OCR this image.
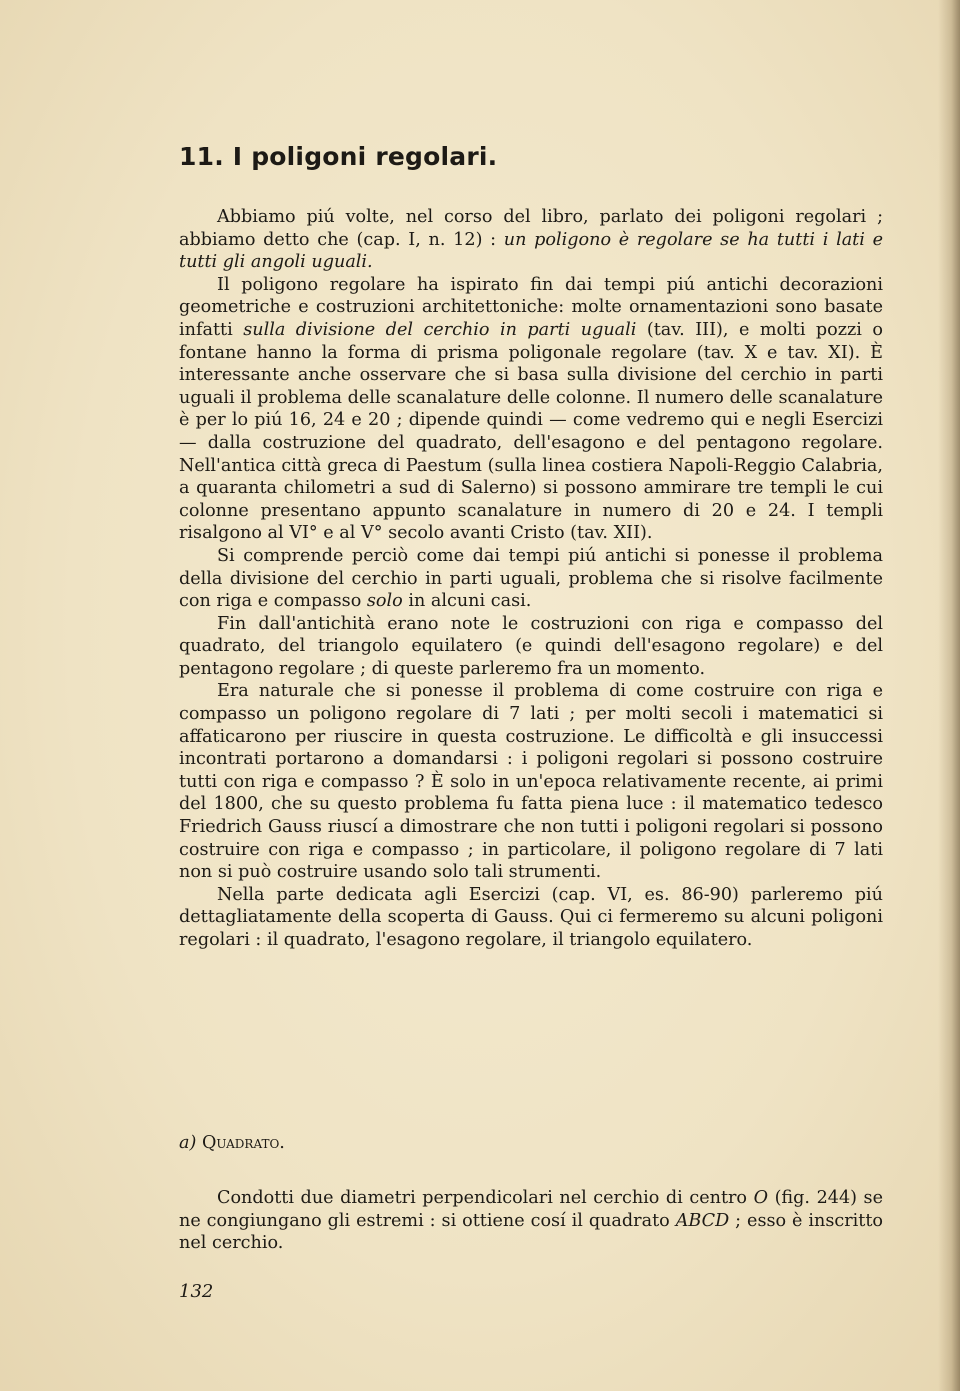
11. I poligoni regolari.

Abbiamo piú volte, nel corso del libro, parlato dei poligoni regolari ; abbiamo detto che (cap. I, n. 12) : un poligono è regolare se ha tutti i lati e tutti gli angoli uguali.

Il poligono regolare ha ispirato fin dai tempi piú antichi decorazioni geometriche e costruzioni architettoniche: molte ornamentazioni sono basate infatti sulla divisione del cerchio in parti uguali (tav. III), e molti pozzi o fontane hanno la forma di prisma poligonale regolare (tav. X e tav. XI). È interessante anche osservare che si basa sulla divisione del cerchio in parti uguali il problema delle scanalature delle colonne. Il numero delle scanalature è per lo piú 16, 24 e 20 ; dipende quindi — come vedremo qui e negli Esercizi — dalla costruzione del quadrato, dell'esagono e del pentagono regolare. Nell'antica città greca di Paestum (sulla linea costiera Napoli-Reggio Calabria, a quaranta chilometri a sud di Salerno) si possono ammirare tre templi le cui colonne presentano appunto scanalature in numero di 20 e 24. I templi risalgono al VI° e al V° secolo avanti Cristo (tav. XII).

Si comprende perciò come dai tempi piú antichi si ponesse il problema della divisione del cerchio in parti uguali, problema che si risolve facilmente con riga e compasso solo in alcuni casi.

Fin dall'antichità erano note le costruzioni con riga e compasso del quadrato, del triangolo equilatero (e quindi dell'esagono regolare) e del pentagono regolare ; di queste parleremo fra un momento.

Era naturale che si ponesse il problema di come costruire con riga e compasso un poligono regolare di 7 lati ; per molti secoli i matematici si affaticarono per riuscire in questa costruzione. Le difficoltà e gli insuccessi incontrati portarono a domandarsi : i poligoni regolari si possono costruire tutti con riga e compasso ? È solo in un'epoca relativamente recente, ai primi del 1800, che su questo problema fu fatta piena luce : il matematico tedesco Friedrich Gauss riuscí a dimostrare che non tutti i poligoni regolari si possono costruire con riga e compasso ; in particolare, il poligono regolare di 7 lati non si può costruire usando solo tali strumenti.

Nella parte dedicata agli Esercizi (cap. VI, es. 86-90) parleremo piú dettagliatamente della scoperta di Gauss. Qui ci fermeremo su alcuni poligoni regolari : il quadrato, l'esagono regolare, il triangolo equilatero.

a) Quadrato.

Condotti due diametri perpendicolari nel cerchio di centro O (fig. 244) se ne congiungano gli estremi : si ottiene cosí il quadrato ABCD ; esso è inscritto nel cerchio.

132
